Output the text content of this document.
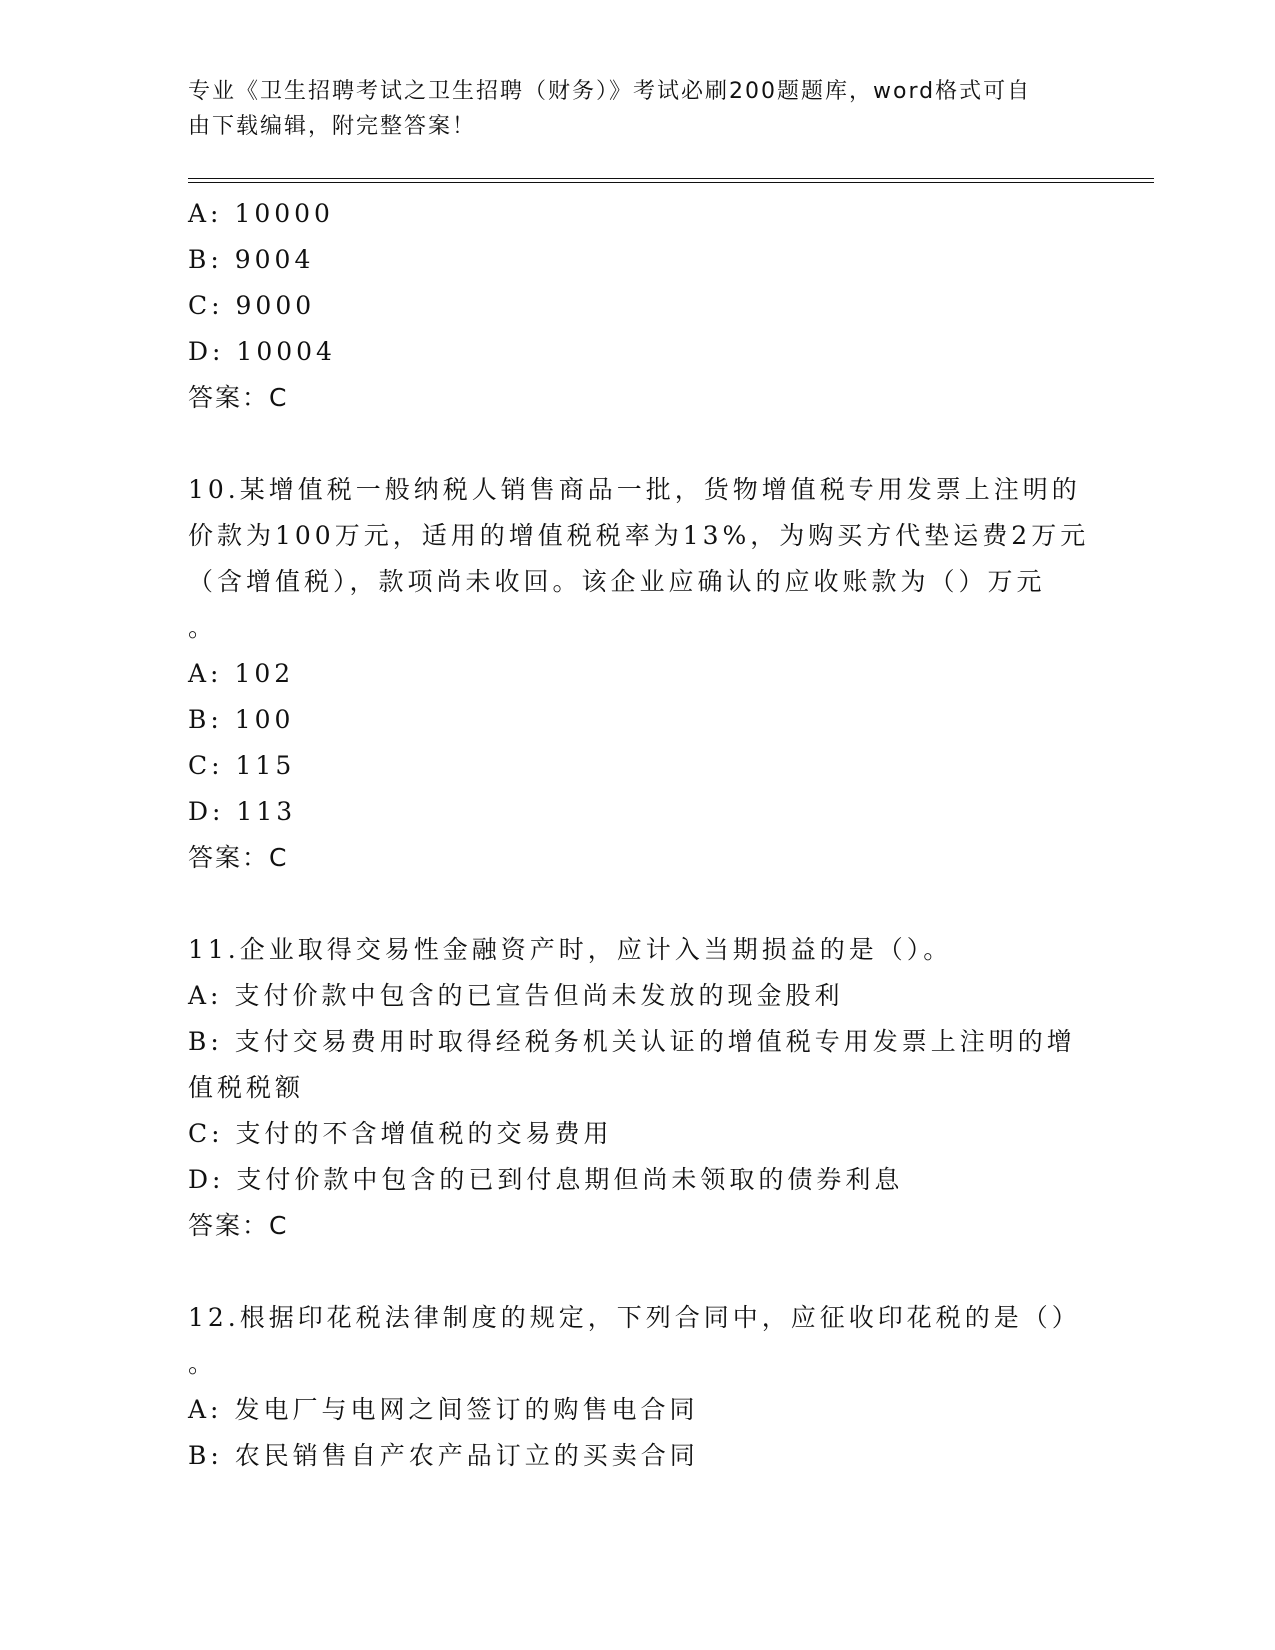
专业《卫生招聘考试之卫生招聘（财务）》考试必刷200题题库，word格式可自
由下载编辑，附完整答案！
A: 10000
B: 9004
C: 9000
D: 10004
答案：C
10.某增值税一般纳税人销售商品一批，货物增值税专用发票上注明的
价款为100万元，适用的增值税税率为13%，为购买方代垫运费2万元
（含增值税），款项尚未收回。该企业应确认的应收账款为（）万元
。
A: 102
B: 100
C: 115
D: 113
答案：C
11.企业取得交易性金融资产时，应计入当期损益的是（）。
A: 支付价款中包含的已宣告但尚未发放的现金股利
B: 支付交易费用时取得经税务机关认证的增值税专用发票上注明的增
值税税额
C: 支付的不含增值税的交易费用
D: 支付价款中包含的已到付息期但尚未领取的债券利息
答案：C
12.根据印花税法律制度的规定，下列合同中，应征收印花税的是（）
。
A: 发电厂与电网之间签订的购售电合同
B: 农民销售自产农产品订立的买卖合同
